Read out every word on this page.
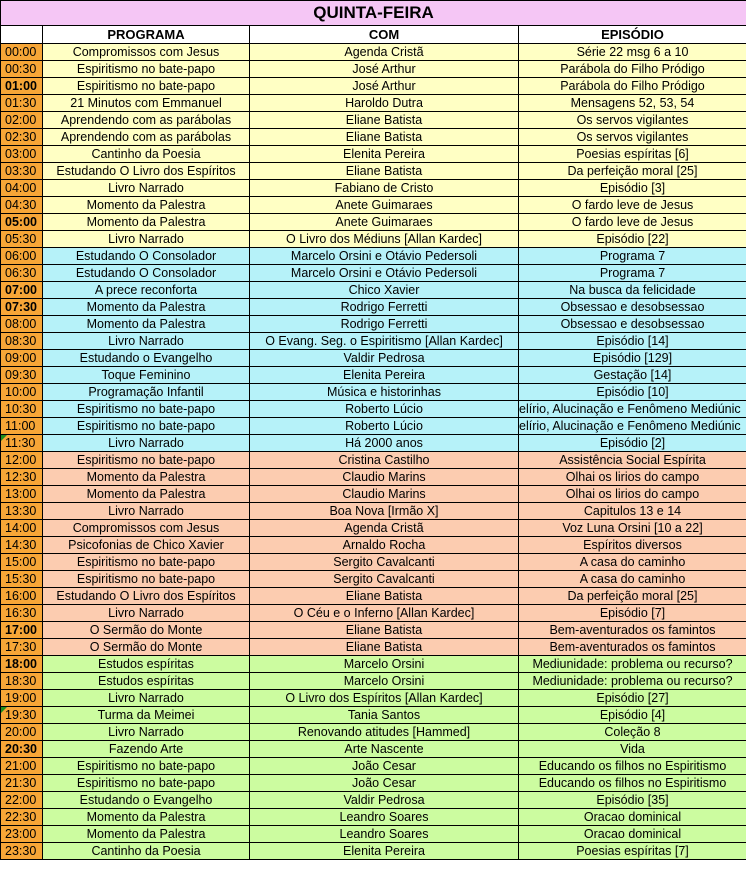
QUINTA-FEIRA			
	PROGRAMA	COM	EPISÓDIO
00:00	Compromissos com Jesus	Agenda Cristã	Série 22 msg 6 a 10
00:30	Espiritismo no bate-papo	José Arthur	Parábola do Filho Pródigo
01:00	Espiritismo no bate-papo	José Arthur	Parábola do Filho Pródigo
01:30	21 Minutos com Emmanuel	Haroldo Dutra	Mensagens 52, 53, 54
02:00	Aprendendo com as parábolas	Eliane Batista	Os servos vigilantes
02:30	Aprendendo com as parábolas	Eliane Batista	Os servos vigilantes
03:00	Cantinho da Poesia	Elenita Pereira	Poesias espíritas [6]
03:30	Estudando O Livro dos Espíritos	Eliane Batista	Da perfeição moral [25]
04:00	Livro Narrado	Fabiano de Cristo	Episódio [3]
04:30	Momento da Palestra	Anete Guimaraes	O fardo leve de Jesus
05:00	Momento da Palestra	Anete Guimaraes	O fardo leve de Jesus
05:30	Livro Narrado	O Livro dos Médiuns [Allan Kardec]	Episódio [22]
06:00	Estudando O Consolador	Marcelo Orsini e Otávio Pedersoli	Programa 7
06:30	Estudando O Consolador	Marcelo Orsini e Otávio Pedersoli	Programa 7
07:00	A prece reconforta	Chico Xavier	Na busca da felicidade
07:30	Momento da Palestra	Rodrigo Ferretti	Obsessao e desobsessao
08:00	Momento da Palestra	Rodrigo Ferretti	Obsessao e desobsessao
08:30	Livro Narrado	O Evang. Seg. o Espiritismo [Allan Kardec]	Episódio [14]
09:00	Estudando o Evangelho	Valdir Pedrosa	Episódio [129]
09:30	Toque Feminino	Elenita Pereira	Gestação [14]
10:00	Programação Infantil	Música e historinhas	Episódio [10]
10:30	Espiritismo no bate-papo	Roberto Lúcio	elírio, Alucinação e Fenômeno Mediúnic

11:00	Espiritismo no bate-papo	Roberto Lúcio	elírio, Alucinação e Fenômeno Mediúnic

11:30	Livro Narrado	Há 2000 anos	Episódio [2]
12:00	Espiritismo no bate-papo	Cristina Castilho	Assistência Social Espírita
12:30	Momento da Palestra	Claudio Marins	Olhai os lirios do campo
13:00	Momento da Palestra	Claudio Marins	Olhai os lirios do campo
13:30	Livro Narrado	Boa Nova [Irmão X]	Capitulos 13 e 14
14:00	Compromissos com Jesus	Agenda Cristã	Voz Luna Orsini [10 a 22]
14:30	Psicofonias de Chico Xavier	Arnaldo Rocha	Espíritos diversos
15:00	Espiritismo no bate-papo	Sergito Cavalcanti	A casa do caminho
15:30	Espiritismo no bate-papo	Sergito Cavalcanti	A casa do caminho
16:00	Estudando O Livro dos Espíritos	Eliane Batista	Da perfeição moral [25]
16:30	Livro Narrado	O Céu e o Inferno [Allan Kardec]	Episódio [7]
17:00	O Sermão do Monte	Eliane Batista	Bem-aventurados os famintos
17:30	O Sermão do Monte	Eliane Batista	Bem-aventurados os famintos
18:00	Estudos espíritas	Marcelo Orsini	Mediunidade: problema ou recurso?
18:30	Estudos espíritas	Marcelo Orsini	Mediunidade: problema ou recurso?
19:00	Livro Narrado	O Livro dos Espíritos [Allan Kardec]	Episódio [27]
19:30	Turma da Meimei	Tania Santos	Episódio [4]
20:00	Livro Narrado	Renovando atitudes [Hammed]	Coleção 8
20:30	Fazendo Arte	Arte Nascente	Vida
21:00	Espiritismo no bate-papo	João Cesar	Educando os filhos no Espiritismo
21:30	Espiritismo no bate-papo	João Cesar	Educando os filhos no Espiritismo
22:00	Estudando o Evangelho	Valdir Pedrosa	Episódio [35]
22:30	Momento da Palestra	Leandro Soares	Oracao dominical
23:00	Momento da Palestra	Leandro Soares	Oracao dominical
23:30	Cantinho da Poesia	Elenita Pereira	Poesias espíritas [7]
